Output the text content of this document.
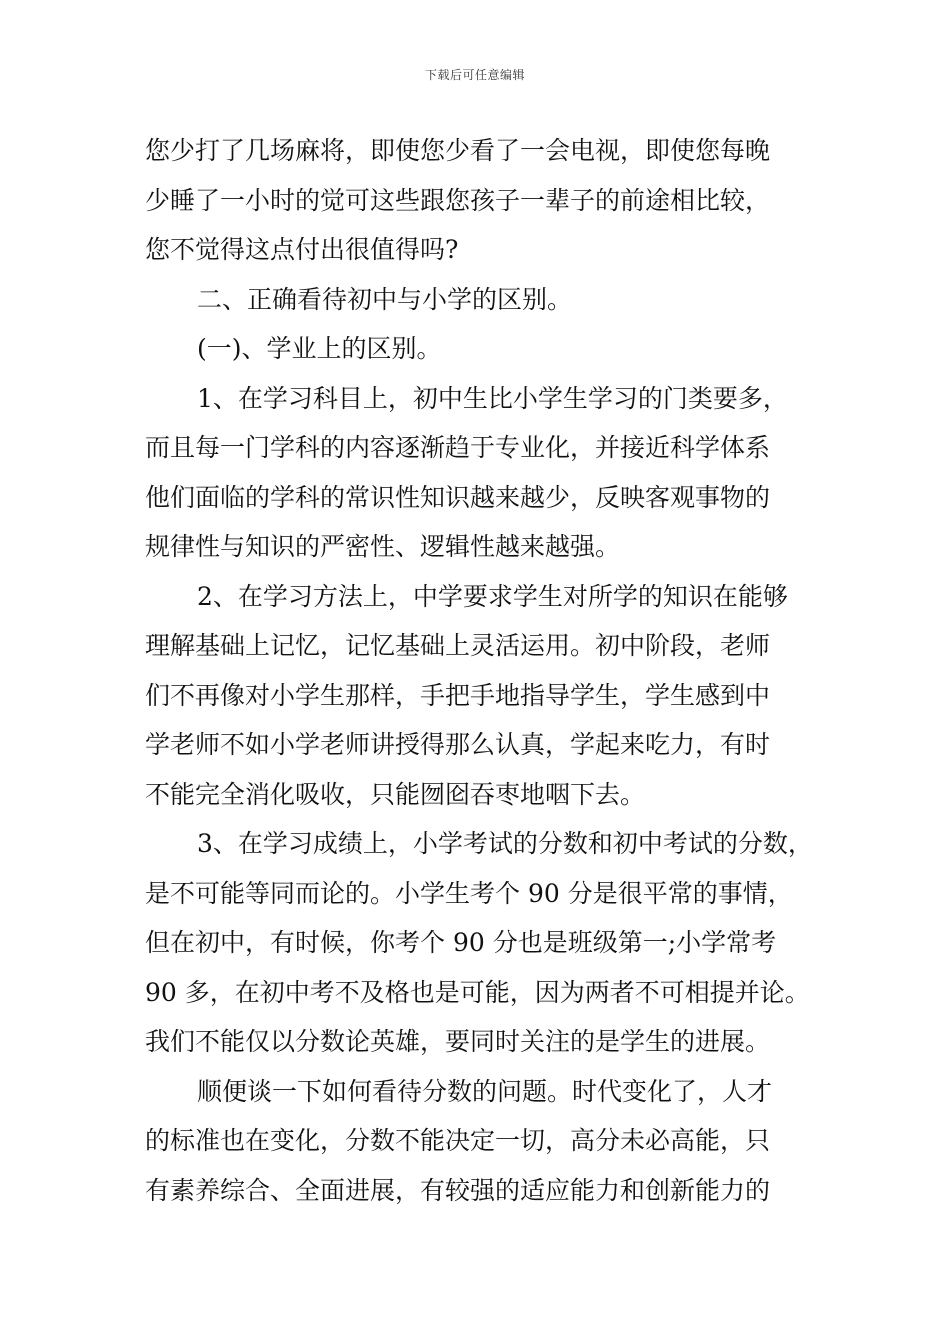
下载后可任意编辑
您少打了几场麻将，即使您少看了一会电视，即使您每晚
少睡了一小时的觉可这些跟您孩子一辈子的前途相比较，
您不觉得这点付出很值得吗?
二、正确看待初中与小学的区别。
(一)、学业上的区别。
1、在学习科目上，初中生比小学生学习的门类要多，
而且每一门学科的内容逐渐趋于专业化，并接近科学体系
他们面临的学科的常识性知识越来越少，反映客观事物的
规律性与知识的严密性、逻辑性越来越强。
2、在学习方法上，中学要求学生对所学的知识在能够
理解基础上记忆，记忆基础上灵活运用。初中阶段，老师
们不再像对小学生那样，手把手地指导学生，学生感到中
学老师不如小学老师讲授得那么认真，学起来吃力，有时
不能完全消化吸收，只能囫囵吞枣地咽下去。
3、在学习成绩上，小学考试的分数和初中考试的分数，
是不可能等同而论的。小学生考个 90 分是很平常的事情，
但在初中，有时候，你考个 90 分也是班级第一;小学常考
90 多，在初中考不及格也是可能，因为两者不可相提并论。
我们不能仅以分数论英雄，要同时关注的是学生的进展。
顺便谈一下如何看待分数的问题。时代变化了，人才
的标准也在变化，分数不能决定一切，高分未必高能，只
有素养综合、全面进展，有较强的适应能力和创新能力的
